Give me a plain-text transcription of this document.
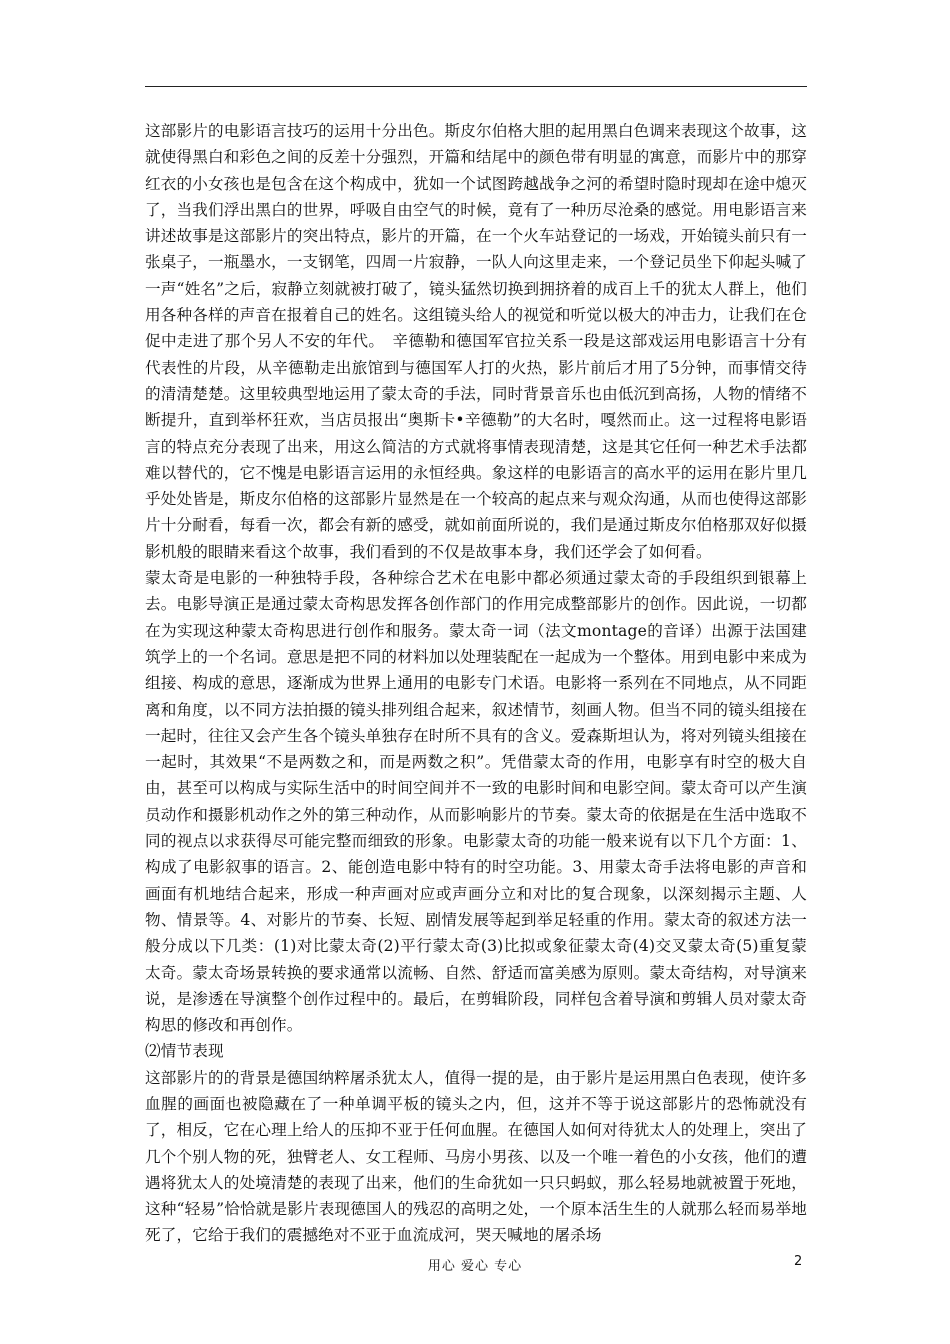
这部影片的电影语言技巧的运用十分出色。斯皮尔伯格大胆的起用黑白色调来表现这个故事，这就使得黑白和彩色之间的反差十分强烈，开篇和结尾中的颜色带有明显的寓意，而影片中的那穿红衣的小女孩也是包含在这个构成中，犹如一个试图跨越战争之河的希望时隐时现却在途中熄灭了，当我们浮出黑白的世界，呼吸自由空气的时候，竟有了一种历尽沧桑的感觉。用电影语言来讲述故事是这部影片的突出特点，影片的开篇，在一个火车站登记的一场戏，开始镜头前只有一张桌子，一瓶墨水，一支钢笔，四周一片寂静，一队人向这里走来，一个登记员坐下仰起头喊了一声“姓名”之后，寂静立刻就被打破了，镜头猛然切换到拥挤着的成百上千的犹太人群上，他们用各种各样的声音在报着自己的姓名。这组镜头给人的视觉和听觉以极大的冲击力，让我们在仓促中走进了那个另人不安的年代。　辛德勒和德国军官拉关系一段是这部戏运用电影语言十分有代表性的片段，从辛德勒走出旅馆到与德国军人打的火热，影片前后才用了5分钟，而事情交待的清清楚楚。这里较典型地运用了蒙太奇的手法，同时背景音乐也由低沉到高扬，人物的情绪不断提升，直到举杯狂欢，当店员报出“奥斯卡•辛德勒”的大名时，嘎然而止。这一过程将电影语言的特点充分表现了出来，用这么简洁的方式就将事情表现清楚，这是其它任何一种艺术手法都难以替代的，它不愧是电影语言运用的永恒经典。象这样的电影语言的高水平的运用在影片里几乎处处皆是，斯皮尔伯格的这部影片显然是在一个较高的起点来与观众沟通，从而也使得这部影片十分耐看，每看一次，都会有新的感受，就如前面所说的，我们是通过斯皮尔伯格那双好似摄影机般的眼睛来看这个故事，我们看到的不仅是故事本身，我们还学会了如何看。

蒙太奇是电影的一种独特手段，各种综合艺术在电影中都必须通过蒙太奇的手段组织到银幕上去。电影导演正是通过蒙太奇构思发挥各创作部门的作用完成整部影片的创作。因此说，一切都在为实现这种蒙太奇构思进行创作和服务。蒙太奇一词（法文montage的音译）出源于法国建筑学上的一个名词。意思是把不同的材料加以处理装配在一起成为一个整体。用到电影中来成为组接、构成的意思，逐渐成为世界上通用的电影专门术语。电影将一系列在不同地点，从不同距离和角度，以不同方法拍摄的镜头排列组合起来，叙述情节，刻画人物。但当不同的镜头组接在一起时，往往又会产生各个镜头单独存在时所不具有的含义。爱森斯坦认为，将对列镜头组接在一起时，其效果“不是两数之和，而是两数之积”。凭借蒙太奇的作用，电影享有时空的极大自由，甚至可以构成与实际生活中的时间空间并不一致的电影时间和电影空间。蒙太奇可以产生演员动作和摄影机动作之外的第三种动作，从而影响影片的节奏。蒙太奇的依据是在生活中选取不同的视点以求获得尽可能完整而细致的形象。电影蒙太奇的功能一般来说有以下几个方面：1、构成了电影叙事的语言。2、能创造电影中特有的时空功能。3、用蒙太奇手法将电影的声音和画面有机地结合起来，形成一种声画对应或声画分立和对比的复合现象，以深刻揭示主题、人物、情景等。4、对影片的节奏、长短、剧情发展等起到举足轻重的作用。蒙太奇的叙述方法一般分成以下几类：(1)对比蒙太奇(2)平行蒙太奇(3)比拟或象征蒙太奇(4)交叉蒙太奇(5)重复蒙太奇。蒙太奇场景转换的要求通常以流畅、自然、舒适而富美感为原则。蒙太奇结构，对导演来说，是渗透在导演整个创作过程中的。最后，在剪辑阶段，同样包含着导演和剪辑人员对蒙太奇构思的修改和再创作。

⑵情节表现

这部影片的的背景是德国纳粹屠杀犹太人，值得一提的是，由于影片是运用黑白色表现，使许多血腥的画面也被隐藏在了一种单调平板的镜头之内，但，这并不等于说这部影片的恐怖就没有了，相反，它在心理上给人的压抑不亚于任何血腥。在德国人如何对待犹太人的处理上，突出了几个个别人物的死，独臂老人、女工程师、马房小男孩、以及一个唯一着色的小女孩，他们的遭遇将犹太人的处境清楚的表现了出来，他们的生命犹如一只只蚂蚁，那么轻易地就被置于死地，这种“轻易”恰恰就是影片表现德国人的残忍的高明之处，一个原本活生生的人就那么轻而易举地死了，它给于我们的震撼绝对不亚于血流成河，哭天喊地的屠杀场

用心 爱心 专心	2
